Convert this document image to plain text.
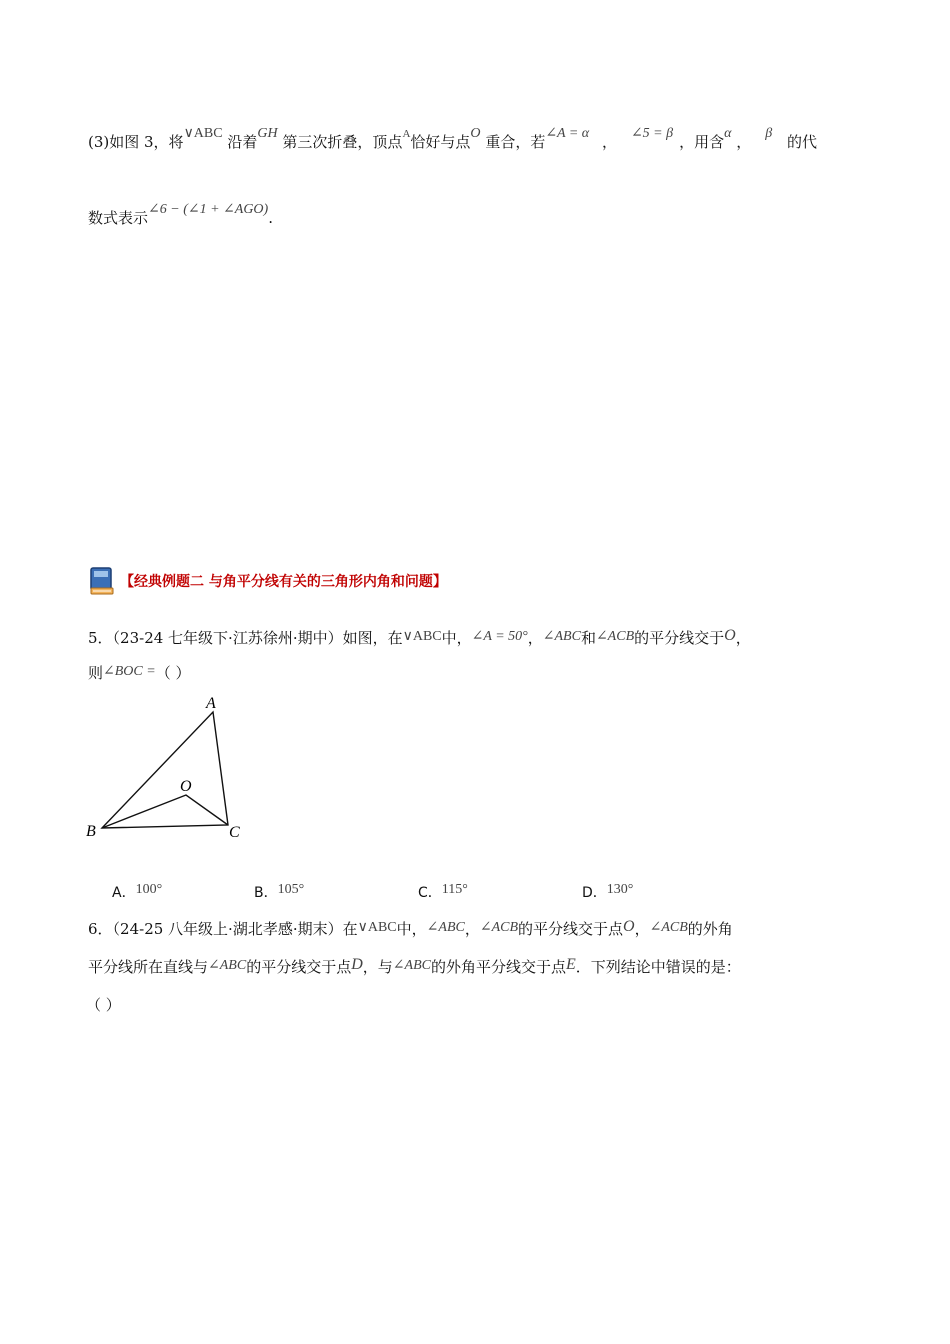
(3)如图 3，将∨ABC 沿着GH 第三次折叠，顶点$^A$恰好与点O 重合，若∠A = α ， ∠5 = β ，用含α ， β 的代
数式表示∠6 − (∠1 + ∠AGO).
【经典例题二 与角平分线有关的三角形内角和问题】
5．（23-24 七年级下·江苏徐州·期中）如图，在∨ABC中，∠A = 50°，∠ABC和∠ACB的平分线交于O，
则∠BOC =（ ）
A
B	C
O
A．100°	B．105°	C．115°	D．130°
6．（24-25 八年级上·湖北孝感·期末）在∨ABC中，∠ABC，∠ACB的平分线交于点O，∠ACB的外角
平分线所在直线与∠ABC的平分线交于点D，与∠ABC的外角平分线交于点E．下列结论中错误的是：
（ ）
